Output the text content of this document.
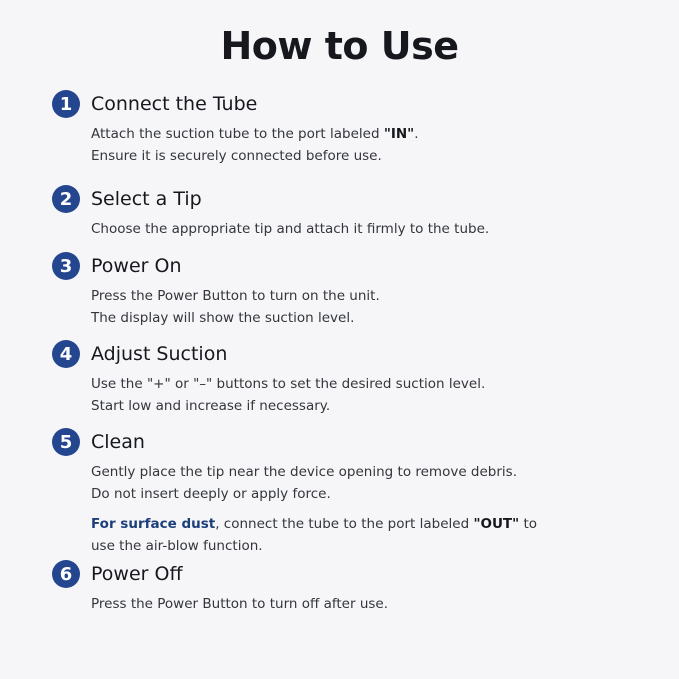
How to Use
1 Connect the Tube
Attach the suction tube to the port labeled "IN".
Ensure it is securely connected before use.
2 Select a Tip
Choose the appropriate tip and attach it firmly to the tube.
3 Power On
Press the Power Button to turn on the unit.
The display will show the suction level.
4 Adjust Suction
Use the "+" or "–" buttons to set the desired suction level.
Start low and increase if necessary.
5 Clean
Gently place the tip near the device opening to remove debris.
Do not insert deeply or apply force.
For surface dust, connect the tube to the port labeled "OUT" to
use the air-blow function.
6 Power Off
Press the Power Button to turn off after use.
